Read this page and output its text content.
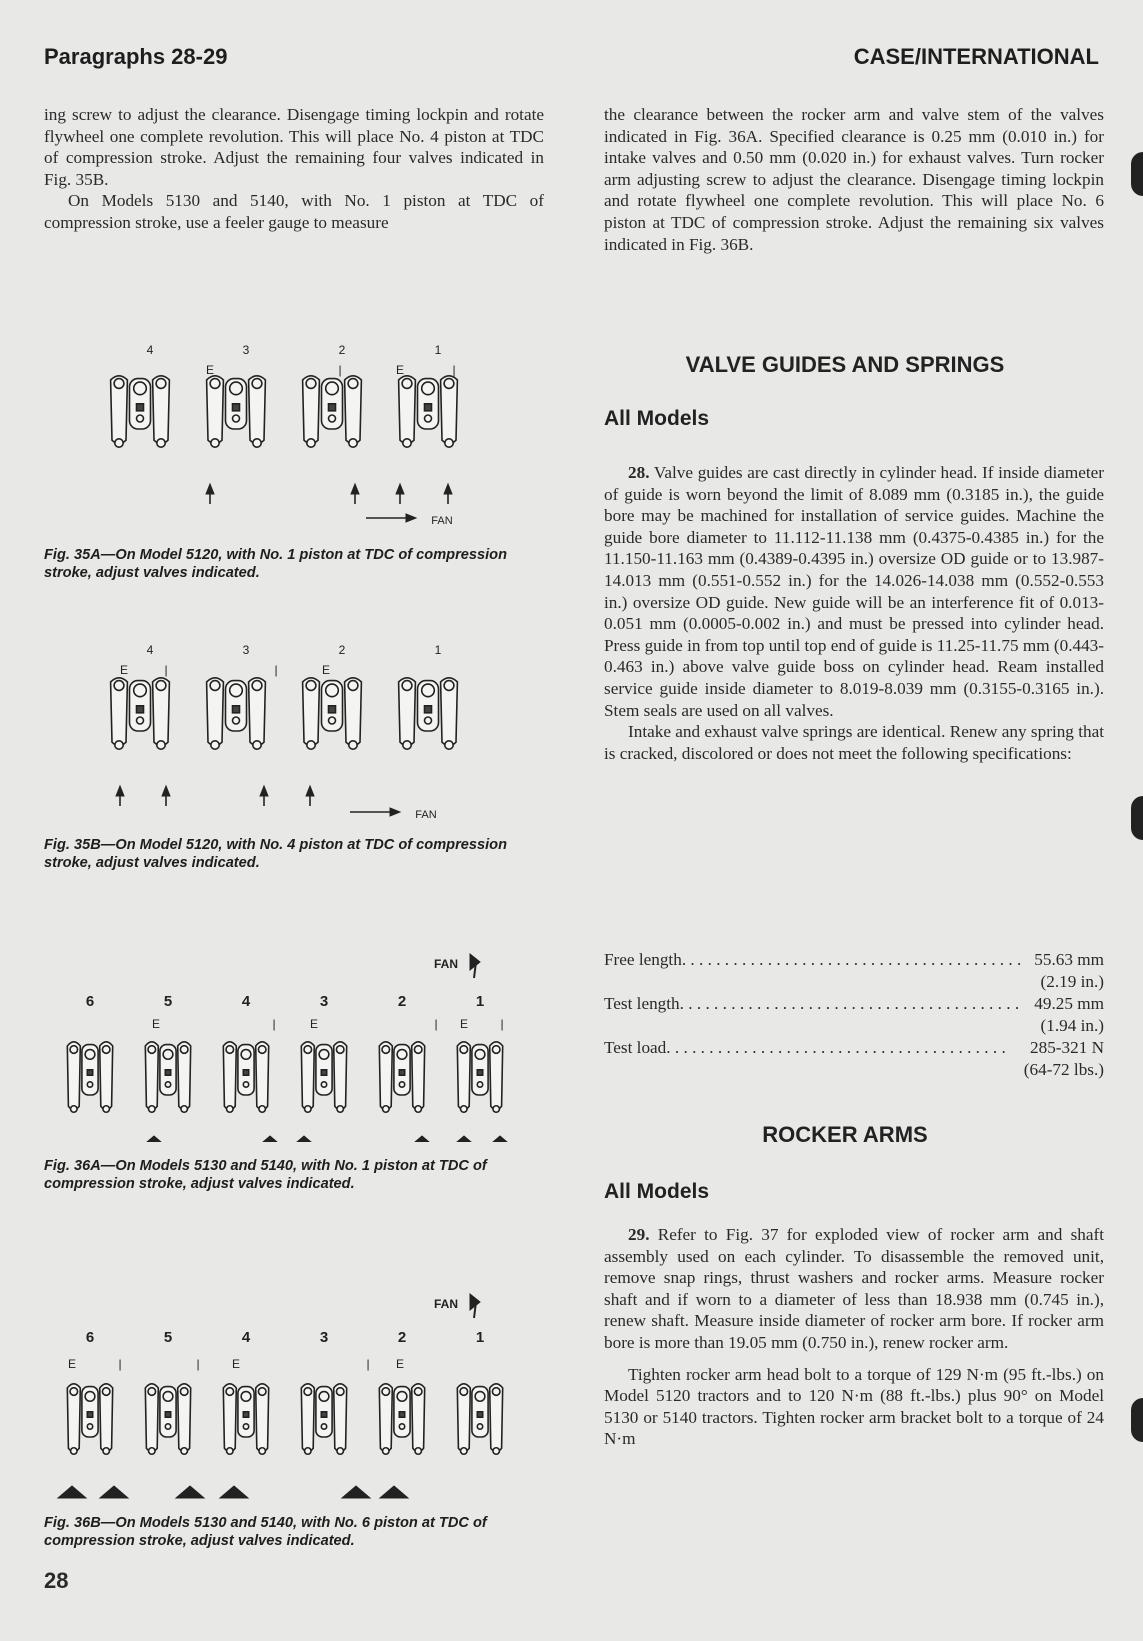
Paragraphs 28-29	CASE/INTERNATIONAL

ing screw to adjust the clearance. Disengage timing lockpin and rotate flywheel one complete revolution. This will place No. 4 piston at TDC of compression stroke. Adjust the remaining four valves indicated in Fig. 35B.

On Models 5130 and 5140, with No. 1 piston at TDC of compression stroke, use a feeler gauge to measure

the clearance between the rocker arm and valve stem of the valves indicated in Fig. 36A. Specified clearance is 0.25 mm (0.010 in.) for intake valves and 0.50 mm (0.020 in.) for exhaust valves. Turn rocker arm adjusting screw to adjust the clearance. Disengage timing lockpin and rotate flywheel one complete revolution. This will place No. 6 piston at TDC of compression stroke. Adjust the remaining six valves indicated in Fig. 36B.

VALVE GUIDES AND SPRINGS
All Models

28. Valve guides are cast directly in cylinder head. If inside diameter of guide is worn beyond the limit of 8.089 mm (0.3185 in.), the guide bore may be machined for installation of service guides. Machine the guide bore diameter to 11.112-11.138 mm (0.4375-0.4385 in.) for the 11.150-11.163 mm (0.4389-0.4395 in.) oversize OD guide or to 13.987-14.013 mm (0.551-0.552 in.) for the 14.026-14.038 mm (0.552-0.553 in.) oversize OD guide. New guide will be an interference fit of 0.013-0.051 mm (0.0005-0.002 in.) and must be pressed into cylinder head. Press guide in from top until top end of guide is 11.25-11.75 mm (0.443-0.463 in.) above valve guide boss on cylinder head. Ream installed service guide inside diameter to 8.019-8.039 mm (0.3155-0.3165 in.). Stem seals are used on all valves.

Intake and exhaust valve springs are identical. Renew any spring that is cracked, discolored or does not meet the following specifications:

Free length . . .	55.63 mm
(2.19 in.)
Test length . . .	49.25 mm
(1.94 in.)
Test load . . .	285-321 N
(64-72 lbs.)
ROCKER ARMS
All Models

29. Refer to Fig. 37 for exploded view of rocker arm and shaft assembly used on each cylinder. To disassemble the removed unit, remove snap rings, thrust washers and rocker arms. Measure rocker shaft and if worn to a diameter of less than 18.938 mm (0.745 in.), renew shaft. Measure inside diameter of rocker arm bore. If rocker arm bore is more than 19.05 mm (0.750 in.), renew rocker arm.

Tighten rocker arm head bolt to a torque of 129 N·m (95 ft.-lbs.) on Model 5120 tractors and to 120 N·m (88 ft.-lbs.) plus 90° on Model 5130 or 5140 tractors. Tighten rocker arm bracket bolt to a torque of 24 N·m

4	3	2	1
E	|	E	|
FAN
Fig. 35A—On Model 5120, with No. 1 piston at TDC of compression stroke, adjust valves indicated.
4	3	2	1
E	|	|	E
FAN
Fig. 35B—On Model 5120, with No. 4 piston at TDC of compression stroke, adjust valves indicated.
6	5	4	3	2	1
E	|	E	| E	|
FAN
Fig. 36A—On Models 5130 and 5140, with No. 1 piston at TDC of compression stroke, adjust valves indicated.
6	5	4	3	2	1
E	|	|	E	| E
FAN
Fig. 36B—On Models 5130 and 5140, with No. 6 piston at TDC of compression stroke, adjust valves indicated.
28
